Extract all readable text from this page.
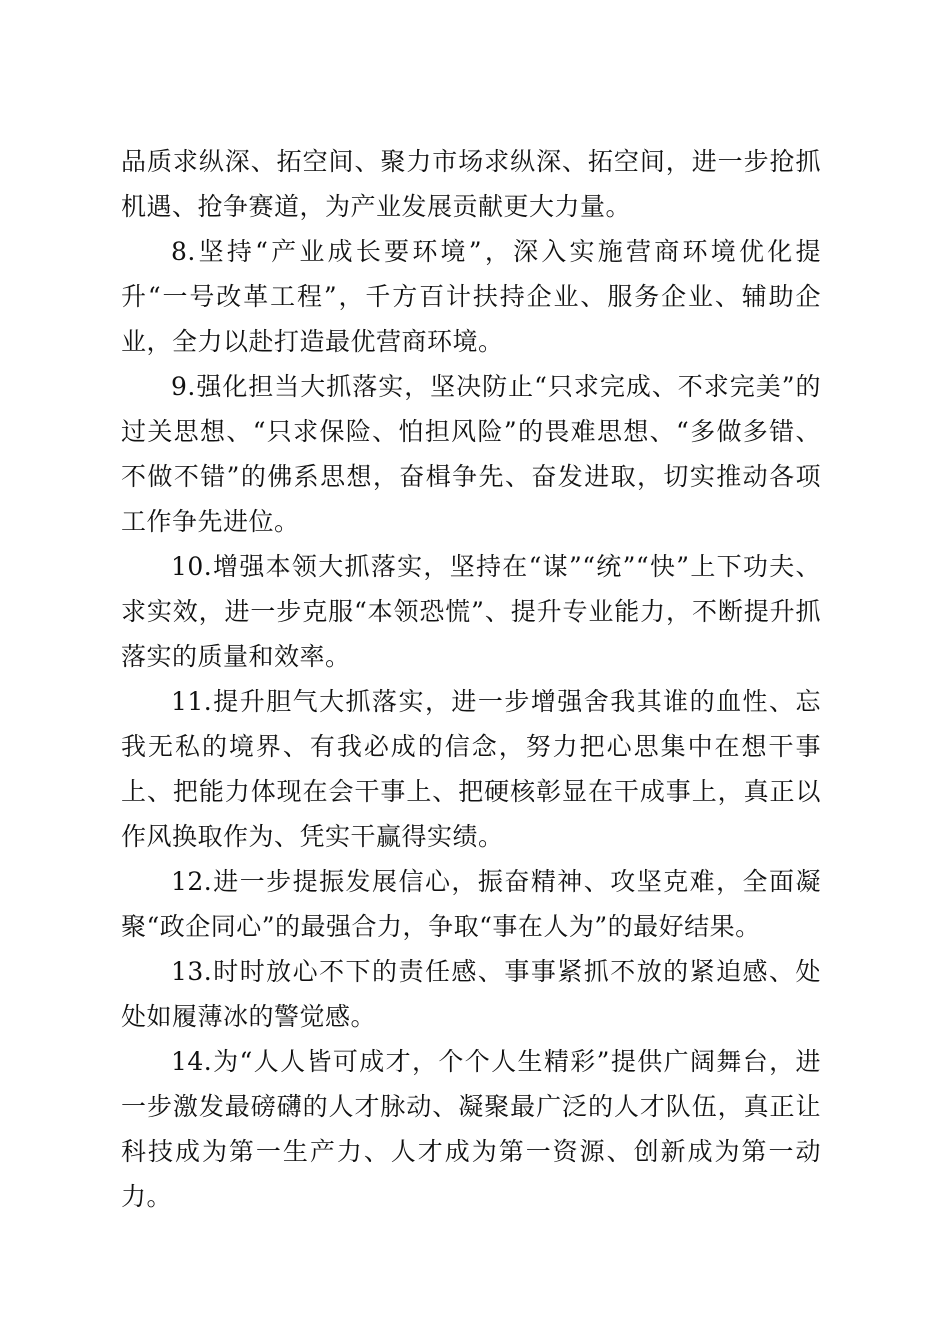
品质求纵深、拓空间、聚力市场求纵深、拓空间，进一步抢抓机遇、抢争赛道，为产业发展贡献更大力量。

8.坚持“产业成长要环境”，深入实施营商环境优化提升“一号改革工程”，千方百计扶持企业、服务企业、辅助企业，全力以赴打造最优营商环境。

9.强化担当大抓落实，坚决防止“只求完成、不求完美”的过关思想、“只求保险、怕担风险”的畏难思想、“多做多错、不做不错”的佛系思想，奋楫争先、奋发进取，切实推动各项工作争先进位。

10.增强本领大抓落实，坚持在“谋”“统”“快”上下功夫、求实效，进一步克服“本领恐慌”、提升专业能力，不断提升抓落实的质量和效率。

11.提升胆气大抓落实，进一步增强舍我其谁的血性、忘我无私的境界、有我必成的信念，努力把心思集中在想干事上、把能力体现在会干事上、把硬核彰显在干成事上，真正以作风换取作为、凭实干赢得实绩。

12.进一步提振发展信心，振奋精神、攻坚克难，全面凝聚“政企同心”的最强合力，争取“事在人为”的最好结果。

13.时时放心不下的责任感、事事紧抓不放的紧迫感、处处如履薄冰的警觉感。

14.为“人人皆可成才，个个人生精彩”提供广阔舞台，进一步激发最磅礴的人才脉动、凝聚最广泛的人才队伍，真正让科技成为第一生产力、人才成为第一资源、创新成为第一动力。
